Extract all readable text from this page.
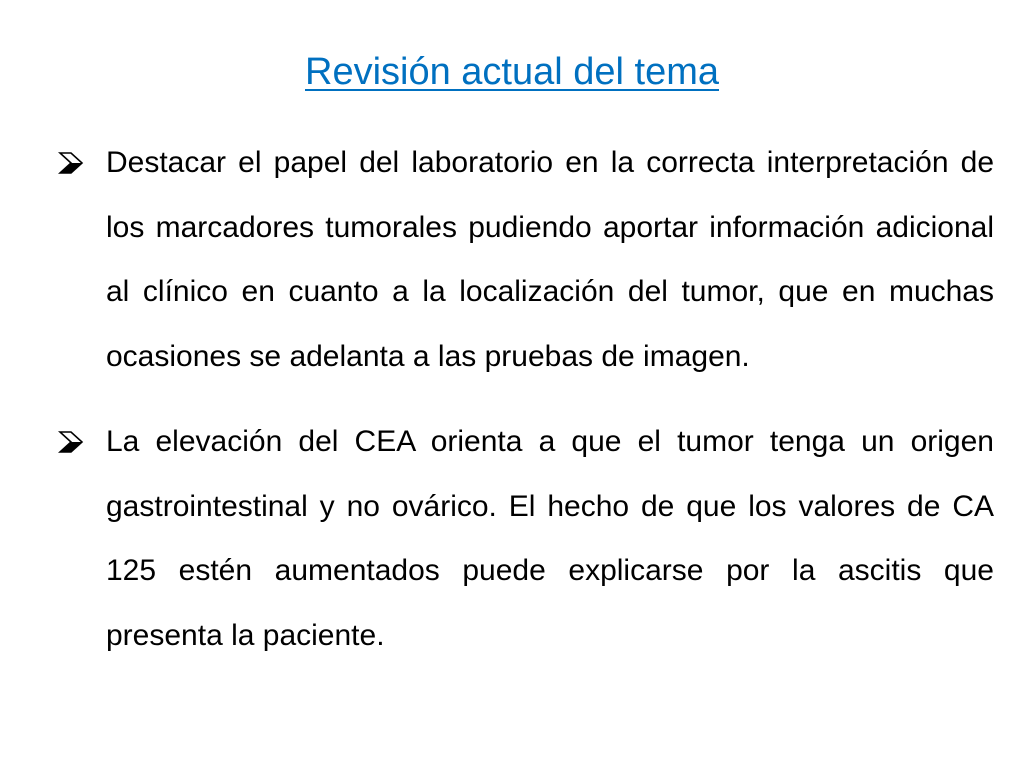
Revisión actual del tema
Destacar el papel del laboratorio en la correcta interpretación de los marcadores tumorales pudiendo aportar información adicional al clínico en cuanto a la localización del tumor, que en muchas ocasiones se adelanta a las pruebas de imagen.
La elevación del CEA orienta a que el tumor tenga un origen gastrointestinal y no ovárico. El hecho de que los valores de CA 125 estén aumentados puede explicarse por la ascitis que presenta la paciente.
